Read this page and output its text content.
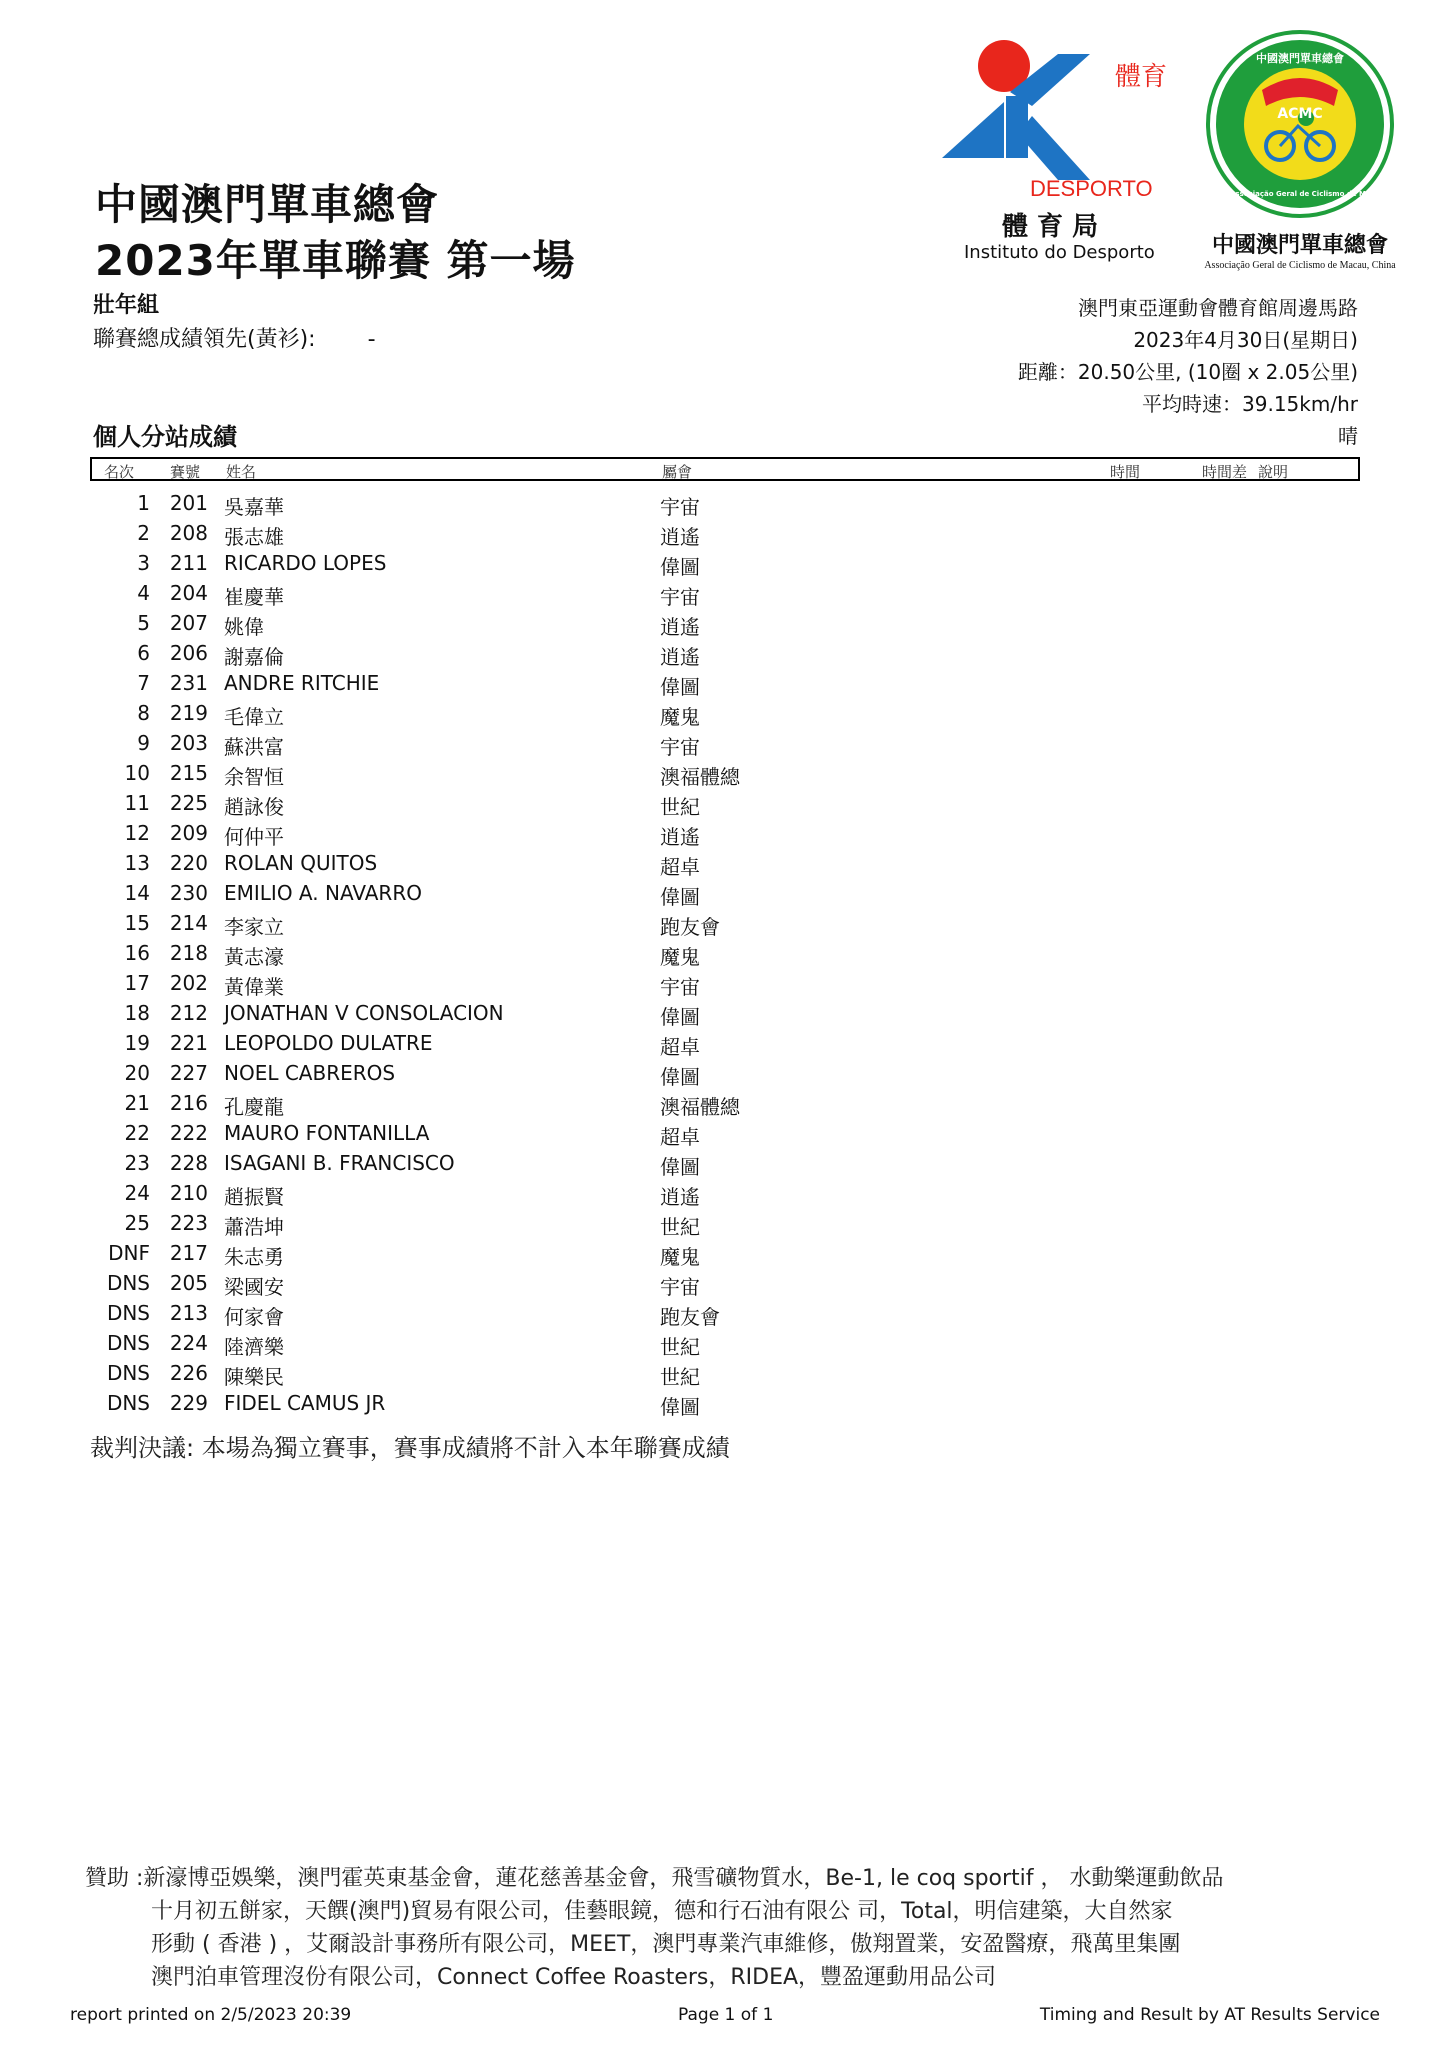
中國澳門單車總會
2023年單車聯賽 第一場
壯年組
聯賽總成績領先(黃衫): -
體育
DESPORTO
體 育 局
Instituto do Desporto
ACMC
中國澳門單車總會
Associação Geral de Ciclismo de Macau, China
中國澳門單車總會
Associação Geral de Ciclismo de Macau, China
澳門東亞運動會體育館周邊馬路
2023年4月30日(星期日)
距離：20.50公里, (10圈 x 2.05公里)
平均時速：39.15km/hr
晴
個人分站成績
名次 賽號 姓名	屬會	時間	時間差 說明
1 201 吳嘉華	宇宙
2 208 張志雄	逍遙
3 211 RICARDO LOPES	偉圖
4 204 崔慶華	宇宙
5 207 姚偉	逍遙
6 206 謝嘉倫	逍遙
7 231 ANDRE RITCHIE	偉圖
8 219 毛偉立	魔鬼
9 203 蘇洪富	宇宙
10 215 余智恒	澳福體總
11 225 趙詠俊	世紀
12 209 何仲平	逍遙
13 220 ROLAN QUITOS	超卓
14 230 EMILIO A. NAVARRO	偉圖
15 214 李家立	跑友會
16 218 黃志濠	魔鬼
17 202 黃偉業	宇宙
18 212 JONATHAN V CONSOLACION	偉圖
19 221 LEOPOLDO DULATRE	超卓
20 227 NOEL CABREROS	偉圖
21 216 孔慶龍	澳福體總
22 222 MAURO FONTANILLA	超卓
23 228 ISAGANI B. FRANCISCO	偉圖
24 210 趙振賢	逍遙
25 223 蕭浩坤	世紀
DNF 217 朱志勇	魔鬼
DNS 205 梁國安	宇宙
DNS 213 何家會	跑友會
DNS 224 陸濟樂	世紀
DNS 226 陳樂民	世紀
DNS 229 FIDEL CAMUS JR	偉圖
裁判決議: 本場為獨立賽事，賽事成績將不計入本年聯賽成績
贊助 :新濠博亞娛樂，澳門霍英東基金會，蓮花慈善基金會，飛雪礦物質水，Be-1, le coq sportif ， 水動樂運動飲品
十月初五餅家，天饌(澳門)貿易有限公司，佳藝眼鏡，德和行石油有限公 司，Total，明信建築，大自然家
形動 ( 香港 ) ，艾爾設計事務所有限公司，MEET，澳門專業汽車維修，傲翔置業，安盈醫療，飛萬里集團
澳門泊車管理沒份有限公司，Connect Coffee Roasters，RIDEA，豐盈運動用品公司
report printed on 2/5/2023 20:39	Page 1 of 1	Timing and Result by AT Results Service
